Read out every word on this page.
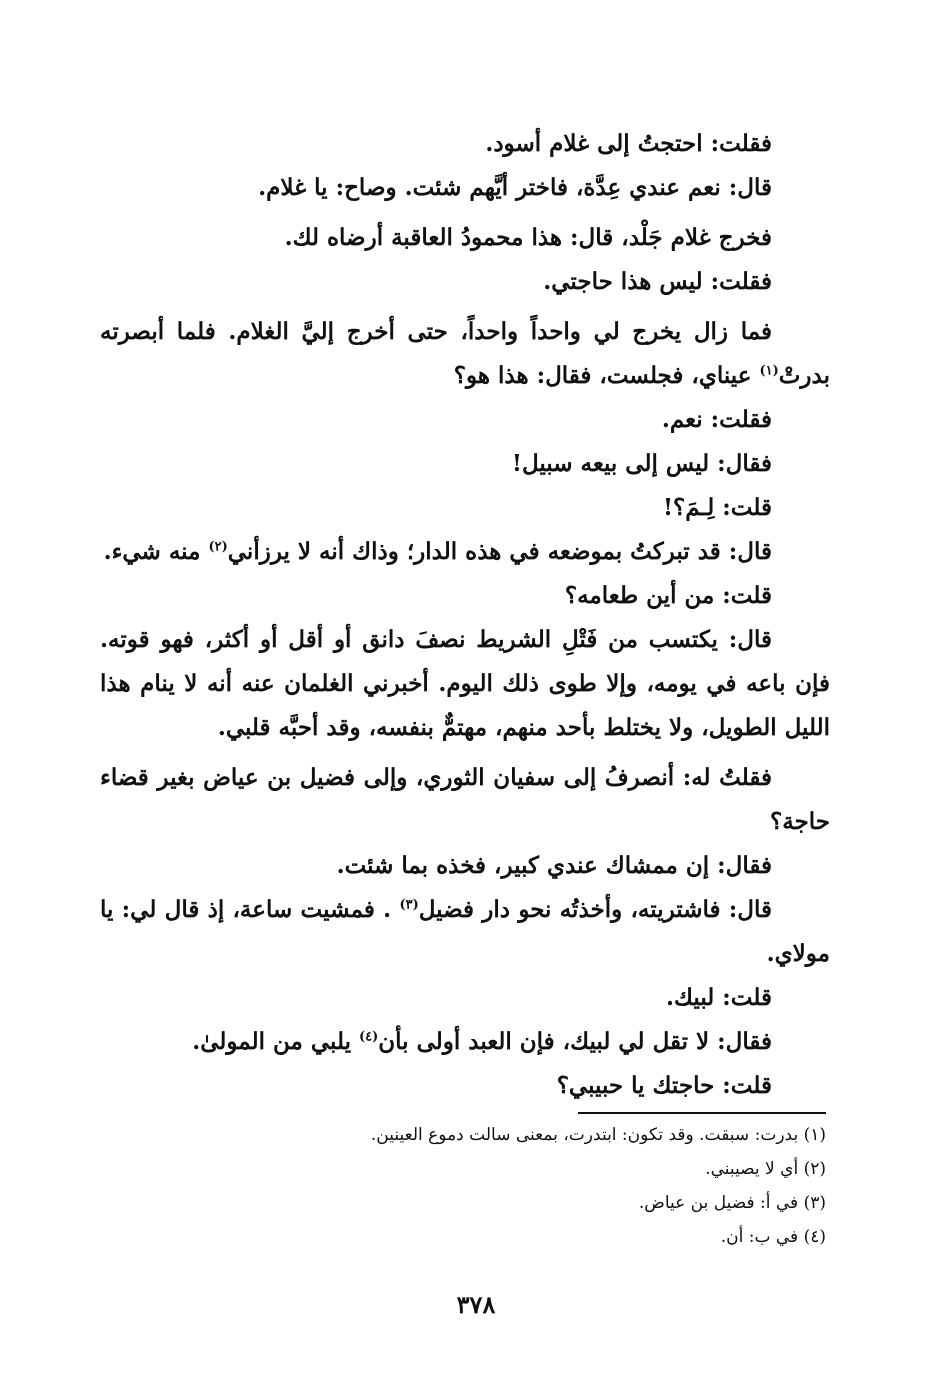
فقلت: احتجتُ إلى غلام أسود.

قال: نعم عندي عِدَّة، فاختر أيَّهم شئت. وصاح: يا غلام.

فخرج غلام جَلْد، قال: هذا محمودُ العاقبة أرضاه لك.

فقلت: ليس هذا حاجتي.

فما زال يخرج لي واحداً واحداً، حتى أخرج إليَّ الغلام. فلما أبصرته بدرتْ$^{(١)}$ عيناي، فجلست، فقال: هذا هو؟

فقلت: نعم.

فقال: ليس إلى بيعه سبيل!

قلت: لِـمَ؟!

قال: قد تبركتُ بموضعه في هذه الدار؛ وذاك أنه لا يرزأني$^{(٢)}$ منه شيء.

قلت: من أين طعامه؟

قال: يكتسب من فَتْلِ الشريط نصفَ دانق أو أقل أو أكثر، فهو قوته. فإن باعه في يومه، وإلا طوى ذلك اليوم. أخبرني الغلمان عنه أنه لا ينام هذا الليل الطويل، ولا يختلط بأحد منهم، مهتمٌّ بنفسه، وقد أحبَّه قلبي.

فقلتُ له: أنصرفُ إلى سفيان الثوري، وإلى فضيل بن عياض بغير قضاء حاجة؟

فقال: إن ممشاك عندي كبير، فخذه بما شئت.

قال: فاشتريته، وأخذتُه نحو دار فضيل$^{(٣)}$ . فمشيت ساعة، إذ قال لي: يا مولاي.

قلت: لبيك.

فقال: لا تقل لي لبيك، فإن العبد أولى بأن$^{(٤)}$ يلبي من المولىٰ.

قلت: حاجتك يا حبيبي؟

(١) بدرت: سبقت. وقد تكون: ابتدرت، بمعنى سالت دموع العينين.

(٢) أي لا يصيبني.

(٣) في أ: فضيل بن عياض.

(٤) في ب: أن.

٣٧٨
